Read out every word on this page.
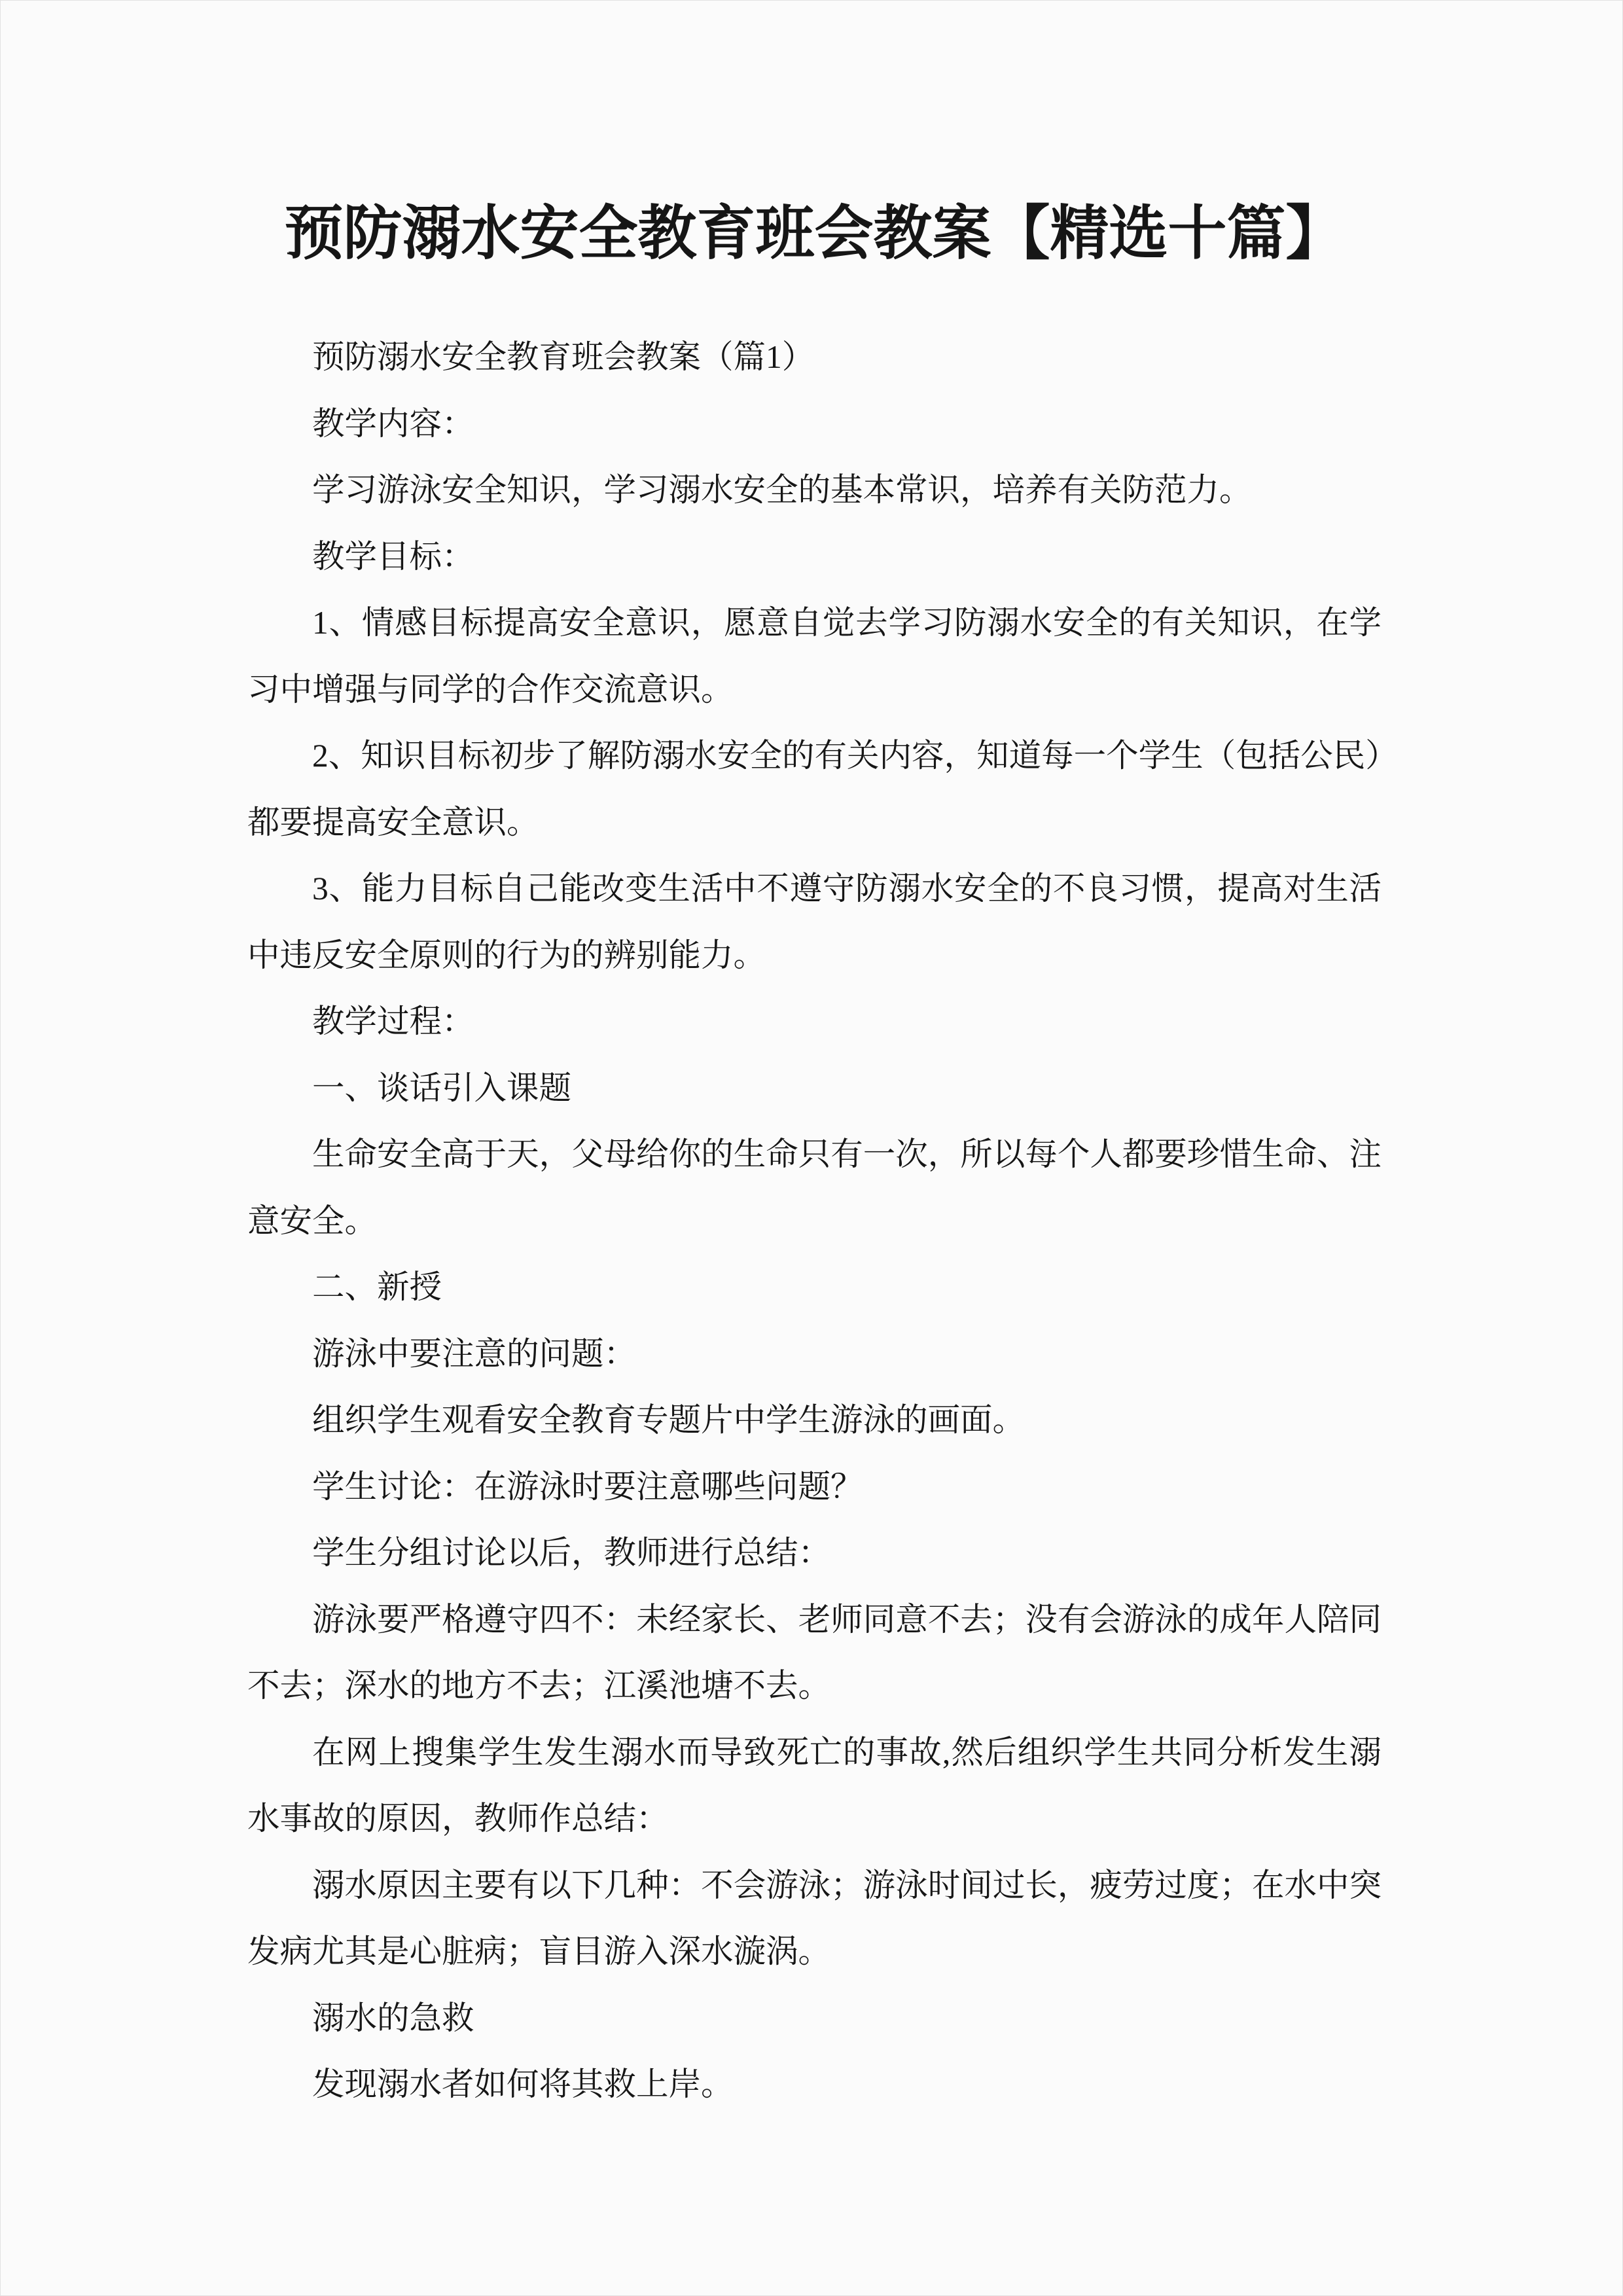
预防溺水安全教育班会教案【精选十篇】

预防溺水安全教育班会教案（篇1）

教学内容：

学习游泳安全知识，学习溺水安全的基本常识，培养有关防范力。

教学目标：

1、情感目标提高安全意识，愿意自觉去学习防溺水安全的有关知识，在学习中增强与同学的合作交流意识。

2、知识目标初步了解防溺水安全的有关内容，知道每一个学生（包括公民）都要提高安全意识。

3、能力目标自己能改变生活中不遵守防溺水安全的不良习惯，提高对生活中违反安全原则的行为的辨别能力。

教学过程：

一、谈话引入课题

生命安全高于天，父母给你的生命只有一次，所以每个人都要珍惜生命、注意安全。

二、新授

游泳中要注意的问题：

组织学生观看安全教育专题片中学生游泳的画面。

学生讨论：在游泳时要注意哪些问题？

学生分组讨论以后，教师进行总结：

游泳要严格遵守四不：未经家长、老师同意不去；没有会游泳的成年人陪同不去；深水的地方不去；江溪池塘不去。

在网上搜集学生发生溺水而导致死亡的事故,然后组织学生共同分析发生溺水事故的原因，教师作总结：

溺水原因主要有以下几种：不会游泳；游泳时间过长，疲劳过度；在水中突发病尤其是心脏病；盲目游入深水漩涡。

溺水的急救

发现溺水者如何将其救上岸。
